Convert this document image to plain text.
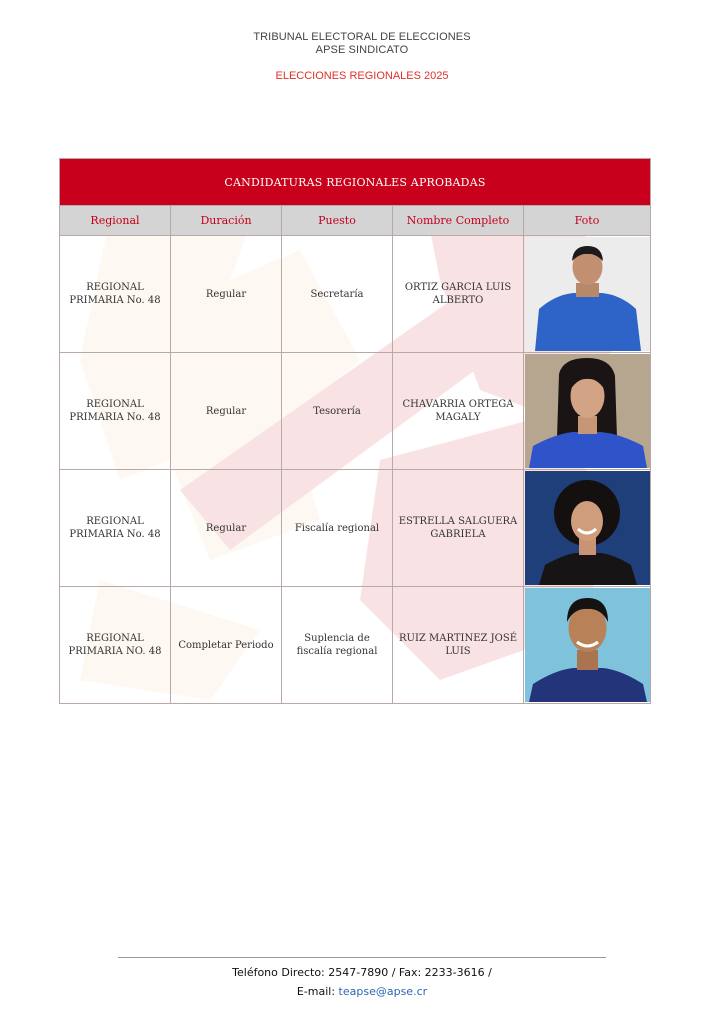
TRIBUNAL ELECTORAL DE ELECCIONES
APSE SINDICATO
ELECCIONES REGIONALES 2025
CANDIDATURAS REGIONALES APROBADAS				
Regional	Duración	Puesto	Nombre Completo	Foto
REGIONAL PRIMARIA No. 48	Regular	Secretaría	ORTIZ GARCIA LUIS ALBERTO	

REGIONAL PRIMARIA No. 48	Regular	Tesorería	CHAVARRIA ORTEGA MAGALY	

REGIONAL PRIMARIA No. 48	Regular	Fiscalía regional	ESTRELLA SALGUERA GABRIELA	

REGIONAL PRIMARIA NO. 48	Completar Periodo	Suplencia de fiscalía regional	RUIZ MARTINEZ JOSÉ LUIS	
Teléfono Directo: 2547-7890 / Fax: 2233-3616 /
E-mail: teapse@apse.cr
